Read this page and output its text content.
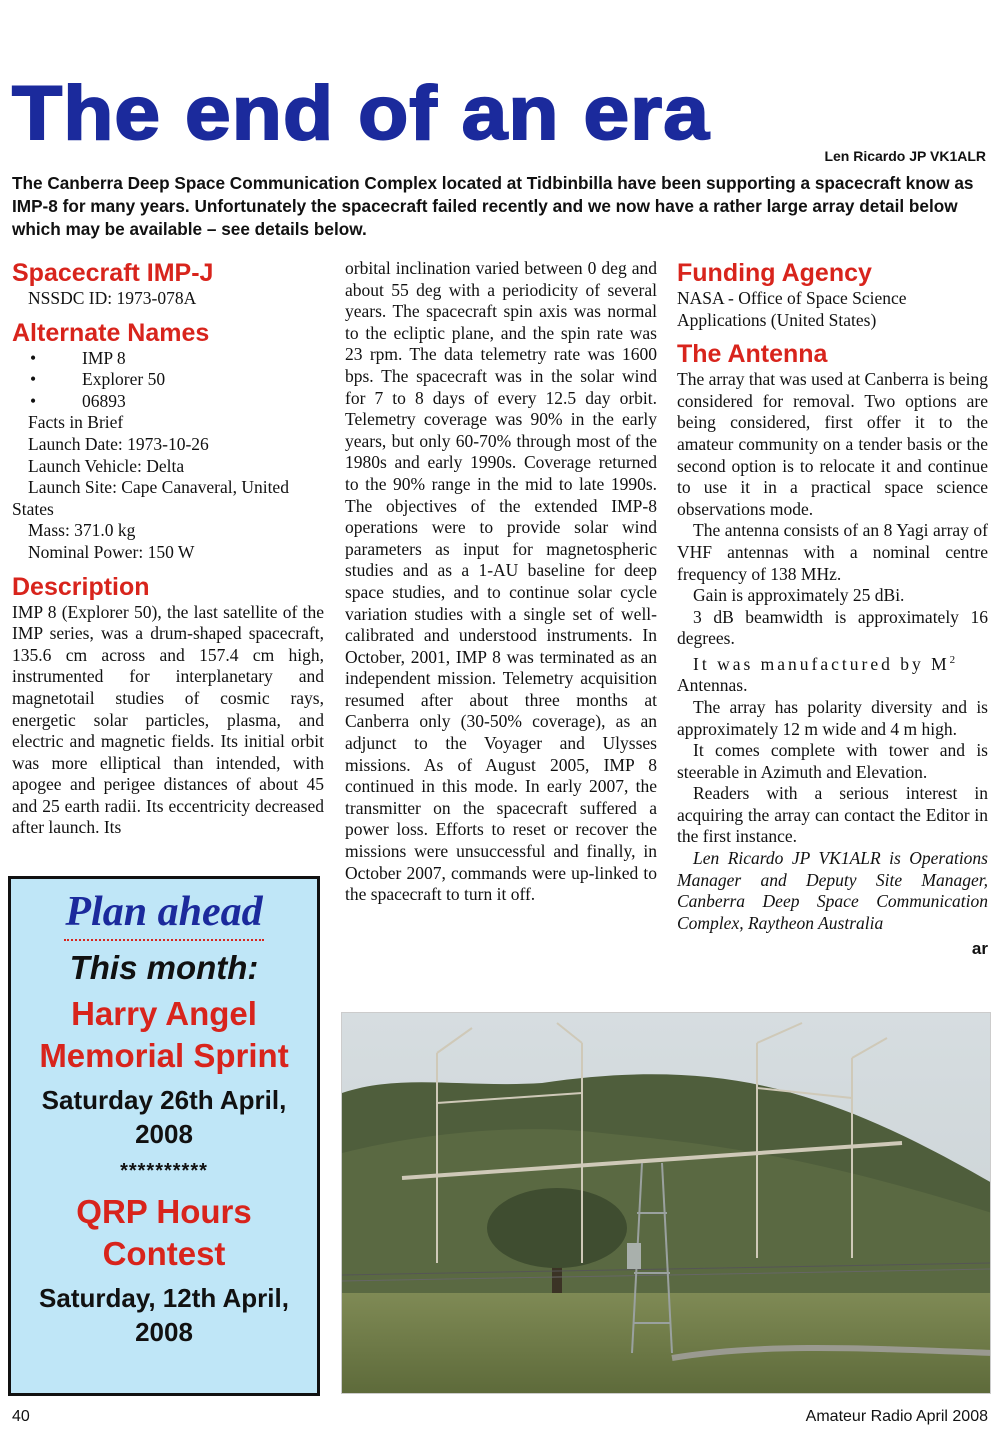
The end of an era	Len Ricardo JP VK1ALR
The Canberra Deep Space Communication Complex located at Tidbinbilla have been supporting a spacecraft know as IMP-8 for many years. Unfortunately the spacecraft failed recently and we now have a rather large array detail below which may be available – see details below.
Spacecraft IMP-J
NSSDC ID: 1973-078A
Alternate Names
•	IMP 8
•	Explorer 50
•	06893
Facts in Brief
Launch Date: 1973-10-26
Launch Vehicle: Delta
Launch Site: Cape Canaveral, United
States
Mass: 371.0 kg
Nominal Power: 150 W
Description
IMP 8 (Explorer 50), the last satellite of the IMP series, was a drum-shaped spacecraft, 135.6 cm across and 157.4 cm high, instrumented for interplanetary and magnetotail studies of cosmic rays, energetic solar particles, plasma, and electric and magnetic fields. Its initial orbit was more elliptical than intended, with apogee and perigee distances of about 45 and 25 earth radii. Its eccentricity decreased after launch. Its
orbital inclination varied between 0 deg and about 55 deg with a periodicity of several years. The spacecraft spin axis was normal to the ecliptic plane, and the spin rate was 23 rpm. The data telemetry rate was 1600 bps. The spacecraft was in the solar wind for 7 to 8 days of every 12.5 day orbit. Telemetry coverage was 90% in the early years, but only 60-70% through most of the 1980s and early 1990s. Coverage returned to the 90% range in the mid to late 1990s. The objectives of the extended IMP-8 operations were to provide solar wind parameters as input for magnetospheric studies and as a 1-AU baseline for deep space studies, and to continue solar cycle variation studies with a single set of well-calibrated and understood instruments. In October, 2001, IMP 8 was terminated as an independent mission. Telemetry acquisition resumed after about three months at Canberra only (30-50% coverage), as an adjunct to the Voyager and Ulysses missions. As of August 2005, IMP 8 continued in this mode. In early 2007, the transmitter on the spacecraft suffered a power loss. Efforts to reset or recover the missions were unsuccessful and finally, in October 2007, commands were up-linked to the spacecraft to turn it off.
Funding Agency
NASA - Office of Space Science Applications (United States)
The Antenna
The array that was used at Canberra is being considered for removal. Two options are being considered, first offer it to the amateur community on a tender basis or the second option is to relocate it and continue to use it in a practical space science observations mode.
The antenna consists of an 8 Yagi array of VHF antennas with a nominal centre frequency of 138 MHz.
Gain is approximately 25 dBi.
3 dB beamwidth is approximately 16 degrees.
It was manufactured by $M^2$
Antennas.
The array has polarity diversity and is approximately 12 m wide and 4 m high.
It comes complete with tower and is steerable in Azimuth and Elevation.
Readers with a serious interest in acquiring the array can contact the Editor in the first instance.
Len Ricardo JP VK1ALR is Operations Manager and Deputy Site Manager, Canberra Deep Space Communication Complex, Raytheon Australia
ar
Plan ahead
This month:
Harry Angel
Memorial Sprint
Saturday 26th April, 2008
**********
QRP Hours
Contest
Saturday, 12th April, 2008
40	Amateur Radio April 2008
